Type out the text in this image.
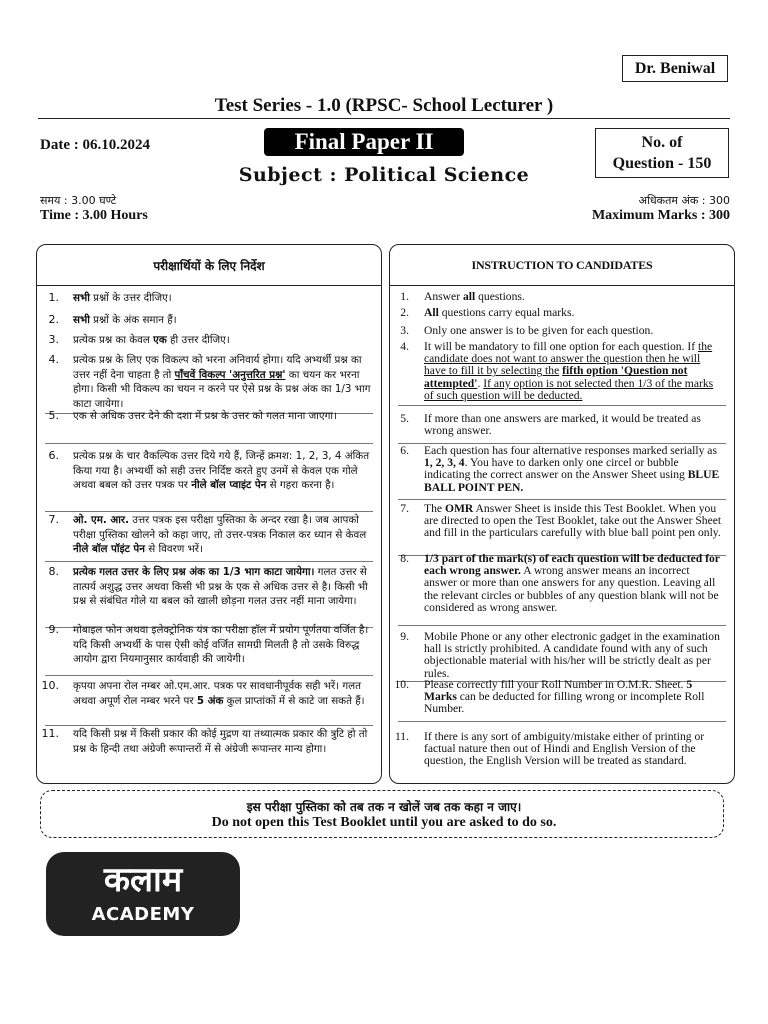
Dr. Beniwal
Test Series - 1.0 (RPSC- School Lecturer )
Date : 06.10.2024	Final Paper II	No. of
Question - 150
Subject : Political Science
समय : 3.00 घण्टे
Time : 3.00 Hours
अधिकतम अंक : 300
Maximum Marks : 300
परीक्षार्थियों के लिए निर्देश
1. सभी प्रश्नों के उत्तर दीजिए।
2. सभी प्रश्नों के अंक समान हैं।
3. प्रत्येक प्रश्न का केवल एक ही उत्तर दीजिए।
4. प्रत्येक प्रश्न के लिए एक विकल्प को भरना अनिवार्य होगा। यदि अभ्यर्थी प्रश्न का उत्तर नहीं देना चाहता है तो पाँचवें विकल्प 'अनुत्तरित प्रश्न' का चयन कर भरना होगा। किसी भी विकल्प का चयन न करने पर ऐसे प्रश्न के प्रश्न अंक का 1/3 भाग काटा जायेगा।
5. एक से अधिक उत्तर देने की दशा में प्रश्न के उत्तर को गलत माना जाएगा।
6. प्रत्येक प्रश्न के चार वैकल्पिक उत्तर दिये गये हैं, जिन्हें क्रमश: 1, 2, 3, 4 अंकित किया गया है। अभ्यर्थी को सही उत्तर निर्दिष्ट करते हुए उनमें से केवल एक गोले अथवा बबल को उत्तर पत्रक पर नीले बॉल प्वाइंट पेन से गहरा करना है।
7. ओ. एम. आर. उत्तर पत्रक इस परीक्षा पुस्तिका के अन्दर रखा है। जब आपको परीक्षा पुस्तिका खोलने को कहा जाए, तो उत्तर-पत्रक निकाल कर ध्यान से केवल नीले बॉल पॉइंट पेन से विवरण भरें।
8. प्रत्येक गलत उत्तर के लिए प्रश्न अंक का 1/3 भाग काटा जायेगा। गलत उत्तर से तात्पर्य अशुद्ध उत्तर अथवा किसी भी प्रश्न के एक से अधिक उत्तर से है। किसी भी प्रश्न से संबंधित गोले या बबल को खाली छोड़ना गलत उत्तर नहीं माना जायेगा।
9. मोबाइल फोन अथवा इलेक्ट्रोनिक यंत्र का परीक्षा हॉल में प्रयोग पूर्णतया वर्जित है। यदि किसी अभ्यर्थी के पास ऐसी कोई वर्जित सामग्री मिलती है तो उसके विरुद्ध आयोग द्वारा नियमानुसार कार्यवाही की जायेगी।
10. कृपया अपना रोल नम्बर ओ.एम.आर. पत्रक पर सावधानीपूर्वक सही भरें। गलत अथवा अपूर्ण रोल नम्बर भरने पर 5 अंक कुल प्राप्तांकों में से काटे जा सकते हैं।
11. यदि किसी प्रश्न में किसी प्रकार की कोई मुद्रण या तथ्यात्मक प्रकार की त्रुटि हो तो प्रश्न के हिन्दी तथा अंग्रेजी रूपान्तरों में से अंग्रेजी रूपान्तर मान्य होगा।
INSTRUCTION TO CANDIDATES
1. Answer all questions.
2. All questions carry equal marks.
3. Only one answer is to be given for each question.
4. It will be mandatory to fill one option for each question. If the candidate does not want to answer the question then he will have to fill it by selecting the fifth option 'Question not attempted'. If any option is not selected then 1/3 of the marks of such question will be deducted.
5. If more than one answers are marked, it would be treated as wrong answer.
6. Each question has four alternative responses marked serially as 1, 2, 3, 4. You have to darken only one circel or bubble indicating the correct answer on the Answer Sheet using BLUE BALL POINT PEN.
7. The OMR Answer Sheet is inside this Test Booklet. When you are directed to open the Test Booklet, take out the Answer Sheet and fill in the particulars carefully with blue ball point pen only.
8. 1/3 part of the mark(s) of each question will be deducted for each wrong answer. A wrong answer means an incorrect answer or more than one answers for any question. Leaving all the relevant circles or bubbles of any question blank will not be considered as wrong answer.
9. Mobile Phone or any other electronic gadget in the examination hall is strictly prohibited. A candidate found with any of such objectionable material with his/her will be strictly dealt as per rules.
10. Please correctly fill your Roll Number in O.M.R. Sheet. 5 Marks can be deducted for filling wrong or incomplete Roll Number.
11. If there is any sort of ambiguity/mistake either of printing or factual nature then out of Hindi and English Version of the question, the English Version will be treated as standard.
इस परीक्षा पुस्तिका को तब तक न खोलें जब तक कहा न जाए।
Do not open this Test Booklet until you are asked to do so.
कलाम
ACADEMY
